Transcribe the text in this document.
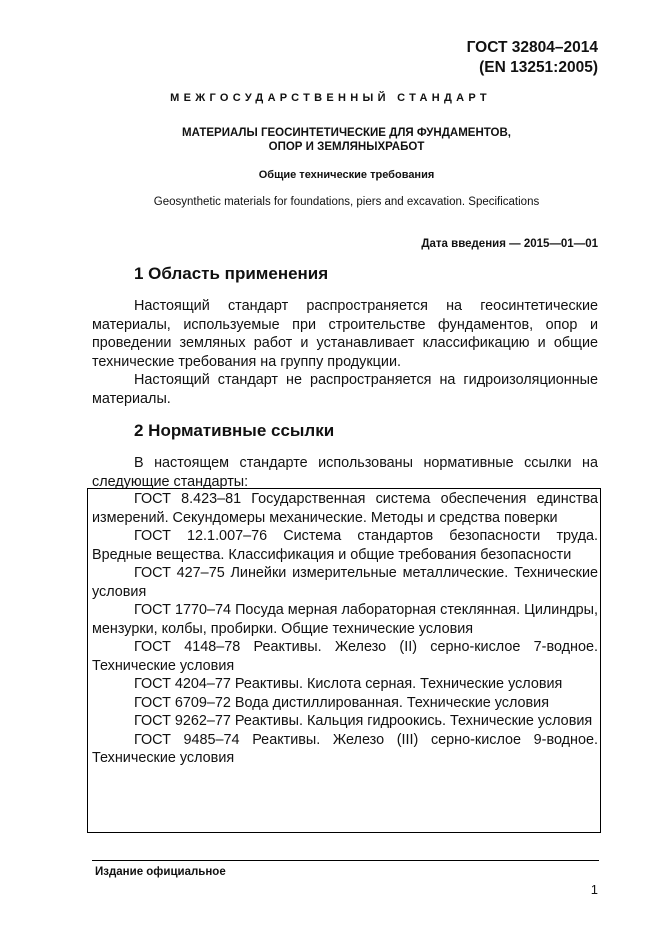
ГОСТ 32804–2014
(EN 13251:2005)
МЕЖГОСУДАРСТВЕННЫЙ СТАНДАРТ
МАТЕРИАЛЫ ГЕОСИНТЕТИЧЕСКИЕ ДЛЯ ФУНДАМЕНТОВ,
ОПОР И ЗЕМЛЯНЫХРАБОТ
Общие технические требования
Geosynthetic materials for foundations, piers and excavation. Specifications
Дата введения — 2015—01—01
1 Область применения

Настоящий стандарт распространяется на геосинтетические материалы, используемые при строительстве фундаментов, опор и проведении земляных работ и устанавливает классификацию и общие технические требования на группу продукции.

Настоящий стандарт не распространяется на гидроизоляционные материалы.

2 Нормативные ссылки

В настоящем стандарте использованы нормативные ссылки на следующие стандарты:

ГОСТ 8.423–81 Государственная система обеспечения единства измерений. Секундомеры механические. Методы и средства поверки

ГОСТ 12.1.007–76 Система стандартов безопасности труда. Вредные вещества. Классификация и общие требования безопасности

ГОСТ 427–75 Линейки измерительные металлические. Технические условия

ГОСТ 1770–74 Посуда мерная лабораторная стеклянная. Цилиндры, мензурки, колбы, пробирки. Общие технические условия

ГОСТ 4148–78 Реактивы. Железо (II) серно-кислое 7-водное. Технические условия

ГОСТ 4204–77 Реактивы. Кислота серная. Технические условия

ГОСТ 6709–72 Вода дистиллированная. Технические условия

ГОСТ 9262–77 Реактивы. Кальция гидроокись. Технические условия

ГОСТ 9485–74 Реактивы. Железо (III) серно-кислое 9-водное. Технические условия

Издание официальное
1
